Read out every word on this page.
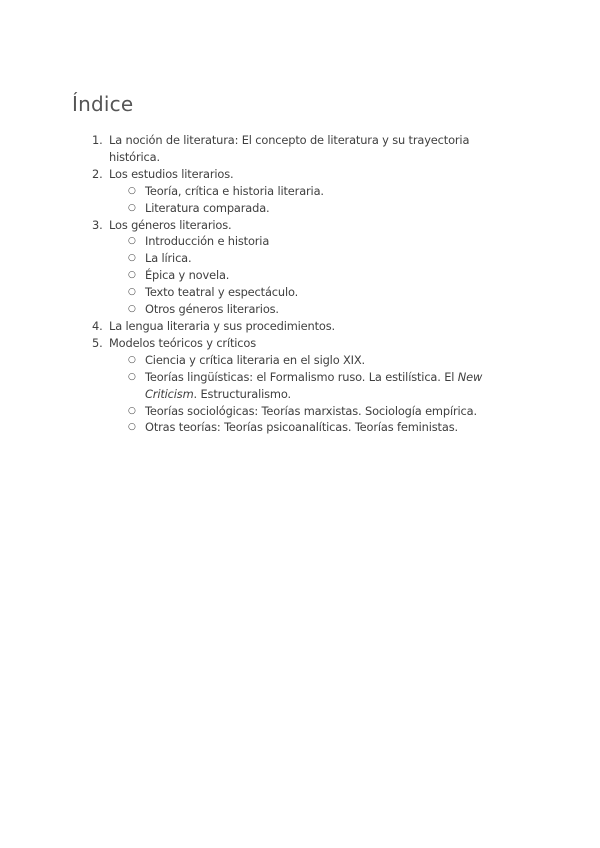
Índice
1. La noción de literatura: El concepto de literatura y su trayectoria histórica.
2. Los estudios literarios.
○ Teoría, crítica e historia literaria.
○ Literatura comparada.
3. Los géneros literarios.
○ Introducción e historia
○ La lírica.
○ Épica y novela.
○ Texto teatral y espectáculo.
○ Otros géneros literarios.
4. La lengua literaria y sus procedimientos.
5. Modelos teóricos y críticos
○ Ciencia y crítica literaria en el siglo XIX.
○ Teorías lingüísticas: el Formalismo ruso. La estilística. El New Criticism. Estructuralismo.
○ Teorías sociológicas: Teorías marxistas. Sociología empírica.
○ Otras teorías: Teorías psicoanalíticas. Teorías feministas.
